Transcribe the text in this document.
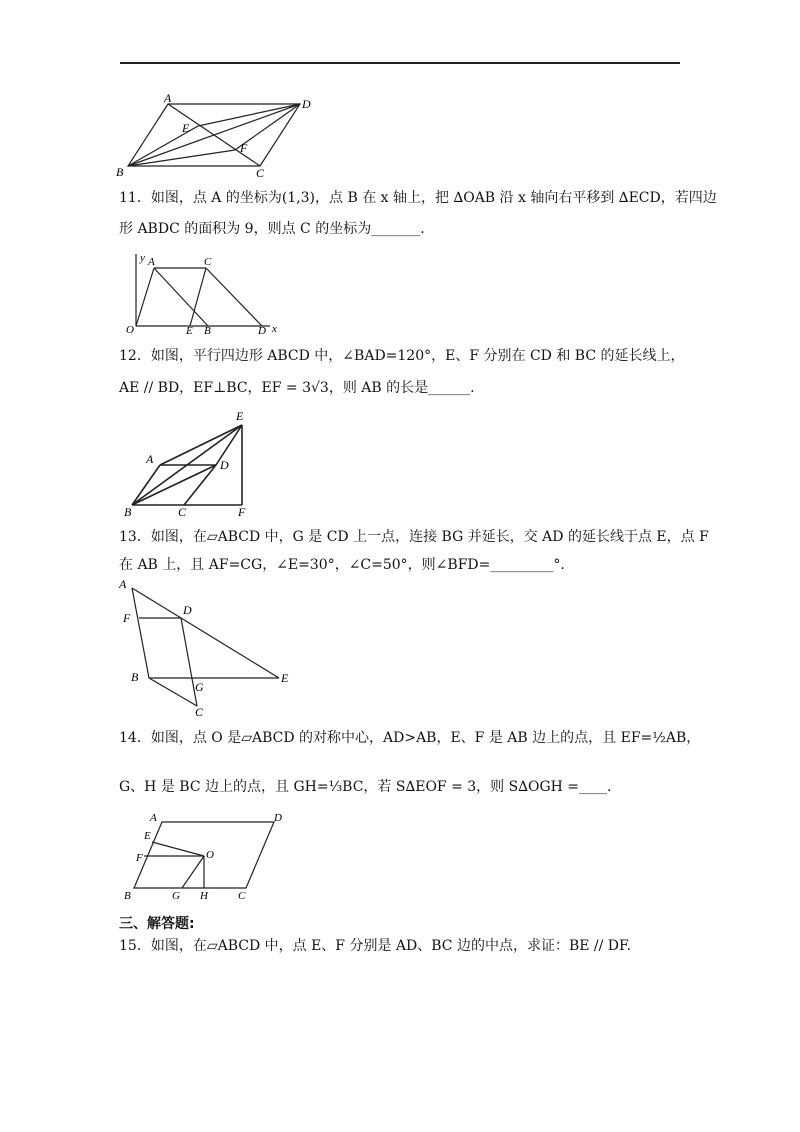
A	D
E
F
B	C
11．如图，点 A 的坐标为(1,3)，点 B 在 x 轴上，把 ∆OAB 沿 x 轴向右平移到 ∆ECD，若四边
形 ABDC 的面积为 9，则点 C 的坐标为_______.
y A	C
O	E B	D x
12．如图，平行四边形 ABCD 中，∠BAD=120°，E、F 分别在 CD 和 BC 的延长线上，
AE // BD，EF⊥BC，EF = 3√3，则 AB 的长是______.
E
A	D
B	C	F
13．如图，在▱ABCD 中，G 是 CD 上一点，连接 BG 并延长，交 AD 的延长线于点 E，点 F
在 AB 上，且 AF=CG，∠E=30°，∠C=50°，则∠BFD=_________°.
A
D
F
E
B
G
C
14．如图，点 O 是▱ABCD 的对称中心，AD>AB，E、F 是 AB 边上的点，且 EF=½AB，
G、H 是 BC 边上的点，且 GH=⅓BC，若 S∆EOF = 3，则 S∆OGH =____.
A	D
E
F	O
B	G H	C
三、解答题:
15．如图，在▱ABCD 中，点 E、F 分别是 AD、BC 边的中点，求证：BE // DF.
